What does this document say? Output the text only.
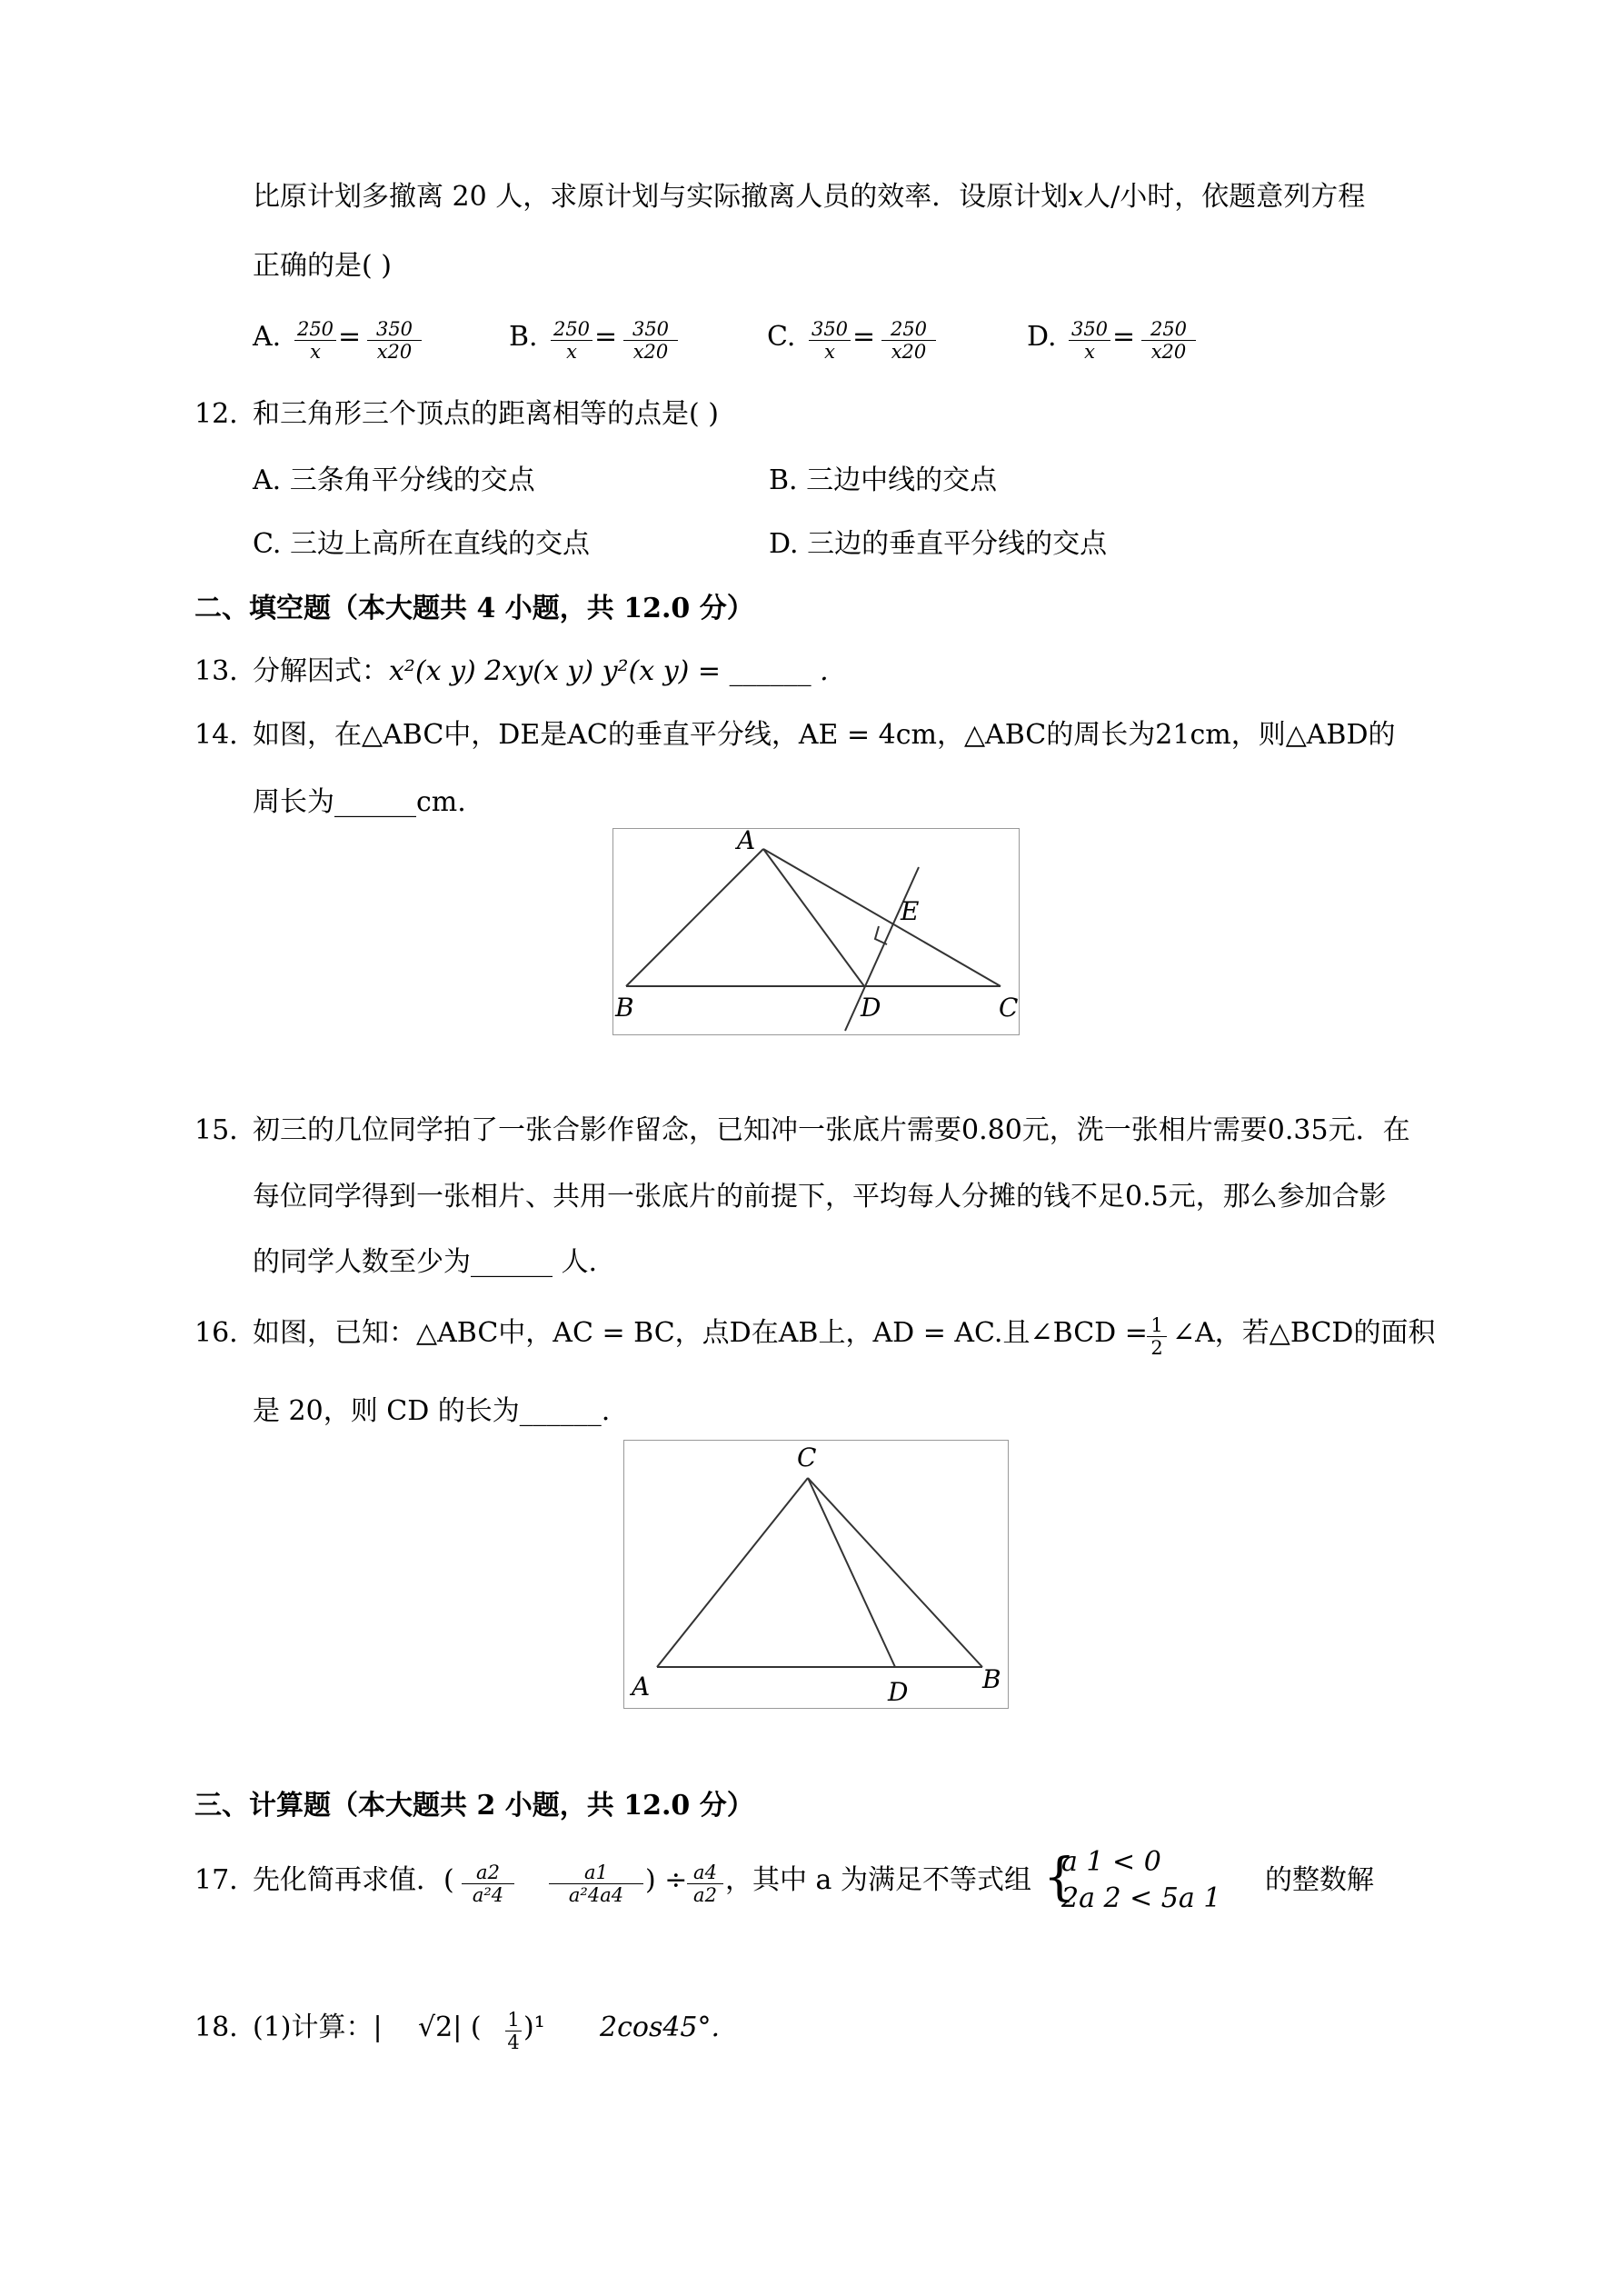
比原计划多撤离 20 人，求原计划与实际撤离人员的效率．设原计划x人/小时，依题意列方程
正确的是( )
A. $\frac{250}{x} = \frac{350}{x20}$	B. $\frac{250}{x} = \frac{350}{x20}$	C. $\frac{350}{x} = \frac{250}{x20}$	D. $\frac{350}{x} = \frac{250}{x20}$
12. 和三角形三个顶点的距离相等的点是( )
A. 三条角平分线的交点	B. 三边中线的交点
C. 三边上高所在直线的交点	D. 三边的垂直平分线的交点
二、填空题（本大题共 4 小题，共 12.0 分）
13. 分解因式：x²(x y) 2xy(x y) y²(x y) = ______ .
14. 如图，在△ABC中，DE是AC的垂直平分线，AE = 4cm，△ABC的周长为21cm，则△ABD的
周长为______cm.
A
B	C
D
E
15. 初三的几位同学拍了一张合影作留念，已知冲一张底片需要0.80元，洗一张相片需要0.35元．在
每位同学得到一张相片、共用一张底片的前提下，平均每人分摊的钱不足0.5元，那么参加合影
的同学人数至少为______ 人.
16. 如图，已知：△ABC中，AC = BC，点D在AB上，AD = AC.且∠BCD = $\frac{1}{2}$ ∠A，若△BCD的面积
是 20，则 CD 的长为______.
C
A	B
D
三、计算题（本大题共 2 小题，共 12.0 分）
17. 先化简再求值．( $\frac{a2}{\text{a²4}} \frac{a1}{\text{a²4a4}}$ ) ÷ $\frac{a4}{a2}$ ，其中 a 为满足不等式组 {
a 1 < 0
2a 2 < 5a 1
的整数解
18. (1)计算：| √2| ( $\frac{1}{4} )^1$ 2cos45°.
